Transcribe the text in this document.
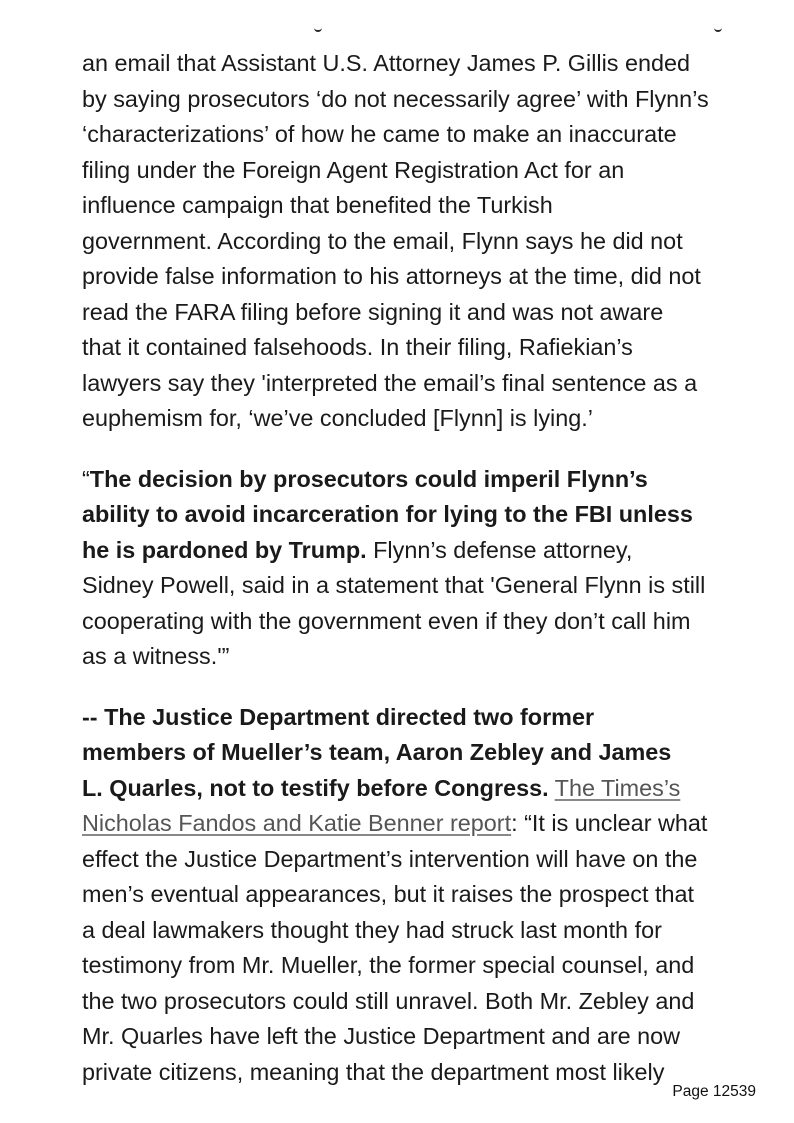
an email that Assistant U.S. Attorney James P. Gillis ended
by saying prosecutors ‘do not necessarily agree’ with Flynn’s
‘characterizations’ of how he came to make an inaccurate
filing under the Foreign Agent Registration Act for an
influence campaign that benefited the Turkish
government. According to the email, Flynn says he did not
provide false information to his attorneys at the time, did not
read the FARA filing before signing it and was not aware
that it contained falsehoods. In their filing, Rafiekian’s
lawyers say they 'interpreted the email’s final sentence as a
euphemism for, ‘we’ve concluded [Flynn] is lying.’

“The decision by prosecutors could imperil Flynn’s
ability to avoid incarceration for lying to the FBI unless
he is pardoned by Trump. Flynn’s defense attorney,
Sidney Powell, said in a statement that 'General Flynn is still
cooperating with the government even if they don’t call him
as a witness.'”

-- The Justice Department directed two former
members of Mueller’s team, Aaron Zebley and James
L. Quarles, not to testify before Congress. The Times’s
Nicholas Fandos and Katie Benner report: “It is unclear what
effect the Justice Department’s intervention will have on the
men’s eventual appearances, but it raises the prospect that
a deal lawmakers thought they had struck last month for
testimony from Mr. Mueller, the former special counsel, and
the two prosecutors could still unravel. Both Mr. Zebley and
Mr. Quarles have left the Justice Department and are now
private citizens, meaning that the department most likely

Page 12539
